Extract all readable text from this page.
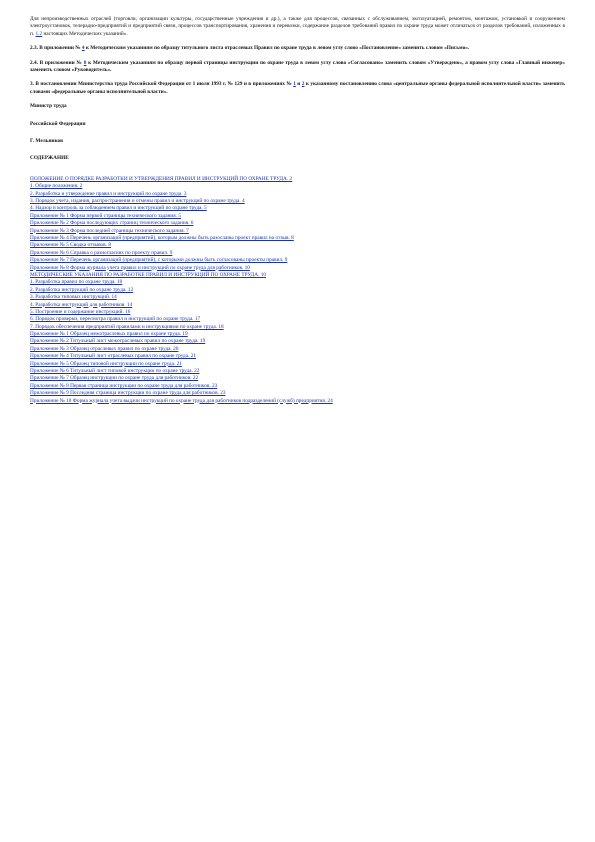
Для непроизводственных отраслей (торговли, организации культуры, государственные учреждения и др.), а также для процессов, связанных с обслуживанием, эксплуатацией, ремонтом, монтажом, установкой и сооружением электроустановок, телерадио-предприятий и предприятий связи, процессов транспортирования, хранения и перевозки, содержание разделов требований правил по охране труда может отличаться от разделов требований, изложенных в п. 1.2 настоящих Методических указаний».

2.3. В приложении № 4 к Методическим указаниям по образцу титульного листа отраслевых Правил по охране труда в левом углу слово «Постановление» заменить словом «Письмо».

2.4. В приложении № 8 к Методическим указаниям по образцу первой страницы инструкции по охране труда в левом углу слово «Согласовано» заменить словом «Утверждено», а правом углу слова «Главный инженер» заменить словом «Руководитель».

3. В постановлении Министерства труда Российской Федерации от 1 июля 1993 г. № 129 и в приложениях № 1 и 2 к указанному постановлению слова «центральные органы федеральной исполнительной власти» заменить словами «федеральные органы исполнительной власти».

Министр труда

Российской Федерации

Г. Мельников

СОДЕРЖАНИЕ

ПОЛОЖЕНИЕ О ПОРЯДКЕ РАЗРАБОТКИ И УТВЕРЖДЕНИЯ ПРАВИЛ И ИНСТРУКЦИЙ ПО ОХРАНЕ ТРУДА. 2
1. Общие положения. 2
2. Разработка и утверждение правил и инструкций по охране труда. 3
3. Порядок учета, издания, распространения и отмены правил и инструкций по охране труда. 4
4. Надзор и контроль за соблюдением правил и инструкций по охране труда. 5
Приложение № 1 Форма первой страницы технического задания. 5
Приложение № 2 Форма последующих страниц технического задания. 6
Приложение № 3 Форма последней страницы технического задания. 7
Приложение № 4 Перечень организаций (предприятий), которым должны быть разосланы проект правил на отзыв. 8
Приложение № 5 Сводка отзывов. 8
Приложение № 6 Справка о разногласиях по проекту правил. 9
Приложение № 7 Перечень организаций (предприятий), с которыми должны быть согласованы проекты правил. 9
Приложение № 8 Форма журнала учета правил и инструкций по охране труда для работников. 10
МЕТОДИЧЕСКИЕ УКАЗАНИЯ ПО РАЗРАБОТКЕ ПРАВИЛ И ИНСТРУКЦИЙ ПО ОХРАНЕ ТРУДА. 10
1. Разработка правил по охране труда. 10
2. Разработка инструкций по охране труда. 12
3. Разработка типовых инструкций. 14
4. Разработка инструкций для работников. 14
5. Построение и содержание инструкций. 16
6. Порядок проверки, пересмотра правил и инструкций по охране труда. 17
7. Порядок обеспечения предприятий правилами и инструкциями по охране труда. 18
Приложение № 1 Образец межотраслевых правил по охране труда. 19
Приложение № 2 Титульный лист межотраслевых правил по охране труда. 19
Приложение № 3 Образец отраслевых правил по охране труда. 20
Приложение № 4 Титульный лист отраслевых правил по охране труда. 21
Приложение № 5 Образец типовой инструкции по охране труда. 21
Приложение № 6 Титульный лист типовой инструкции по охране труда. 22
Приложение № 7 Образец инструкции по охране труда для работников. 22
Приложение № 8 Первая страница инструкции по охране труда для работников. 23
Приложение № 9 Последняя страница инструкции по охране труда для работников. 23
Приложение № 10 Форма журнала учета выдачи инструкций по охране труда для работников подразделений (служб) предприятия. 24
